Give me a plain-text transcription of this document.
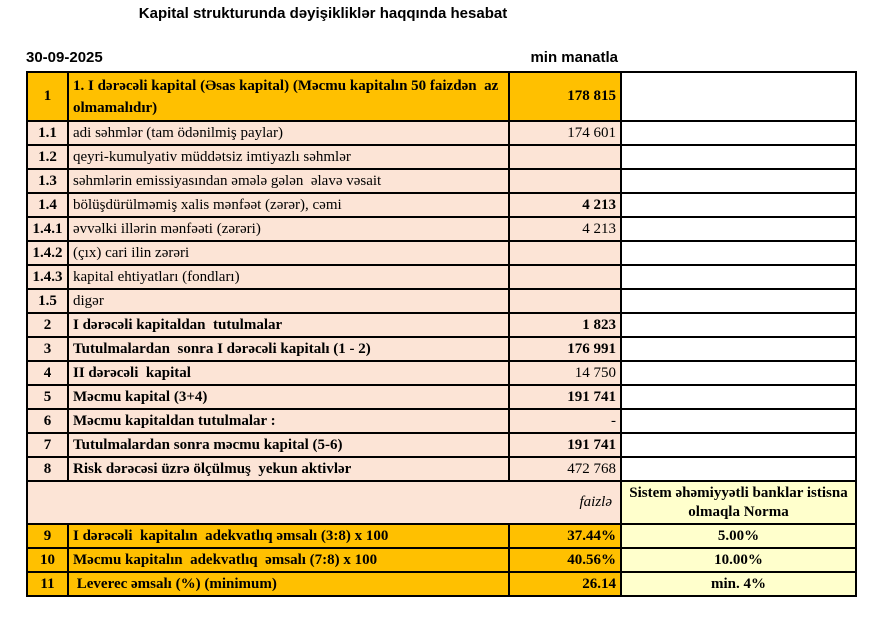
Kapital strukturunda dəyişikliklər haqqında hesabat
30-09-2025	min manatla
1	1. I dərəcəli kapital (Əsas kapital) (Məcmu kapitalın 50 faizdən  az olmamalıdır)	178 815	
1.1	adi səhmlər (tam ödənilmiş paylar)	174 601	
1.2	qeyri-kumulyativ müddətsiz imtiyazlı səhmlər		
1.3	səhmlərin emissiyasından əmələ gələn  əlavə vəsait		
1.4	bölüşdürülməmiş xalis mənfəət (zərər), cəmi	4 213	
1.4.1	əvvəlki illərin mənfəəti (zərəri)	4 213	
1.4.2	(çıx) cari ilin zərəri		
1.4.3	kapital ehtiyatları (fondları)		
1.5	digər		
2	I dərəcəli kapitaldan  tutulmalar	1 823	
3	Tutulmalardan  sonra I dərəcəli kapitalı (1 - 2)	176 991	
4	II dərəcəli  kapital	14 750	
5	Məcmu kapital (3+4)	191 741	
6	Məcmu kapitaldan tutulmalar :	-	
7	Tutulmalardan sonra məcmu kapital (5-6)	191 741	
8	Risk dərəcəsi üzrə ölçülmuş  yekun aktivlər	472 768	
faizlə			Sistem əhəmiyyətli banklar istisna olmaqla Norma
9	I dərəcəli  kapitalın  adekvatlıq əmsalı (3:8) x 100	37.44%	5.00%
10	Məcmu kapitalın  adekvatlıq  əmsalı (7:8) x 100	40.56%	10.00%
11	Leverec əmsalı (%) (minimum)	26.14	min. 4%
